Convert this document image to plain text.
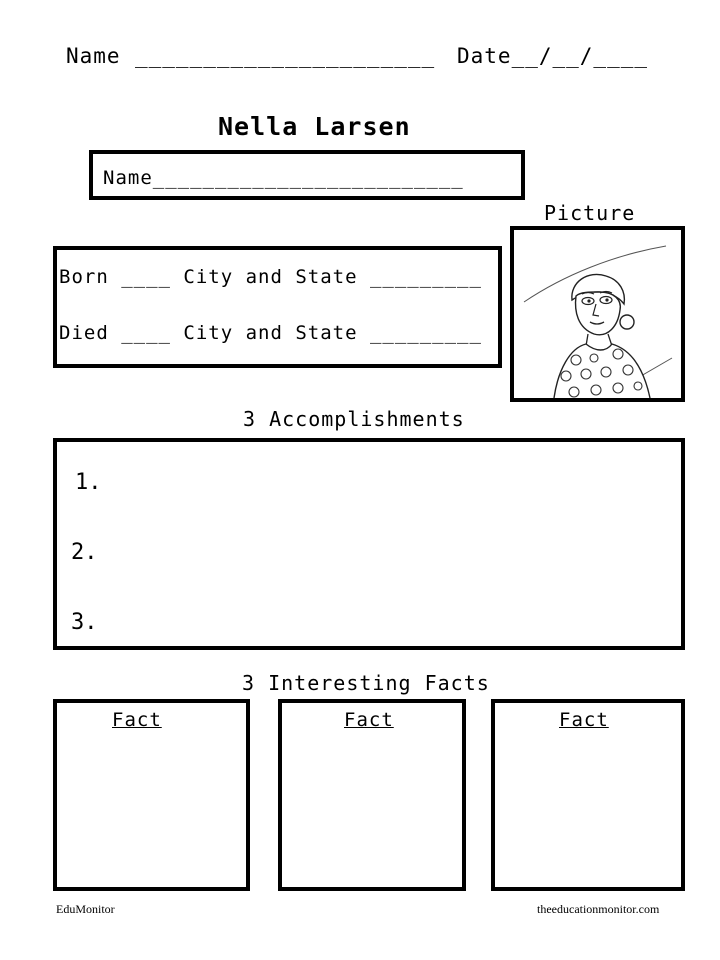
Name ______________________ Date__/__/____
Nella Larsen
Name_________________________
Picture
Born ____ City and State _________
Died ____ City and State _________
3 Accomplishments
1.
2.
3.
3 Interesting Facts
Fact	Fact	Fact
EduMonitor	theeducationmonitor.com
